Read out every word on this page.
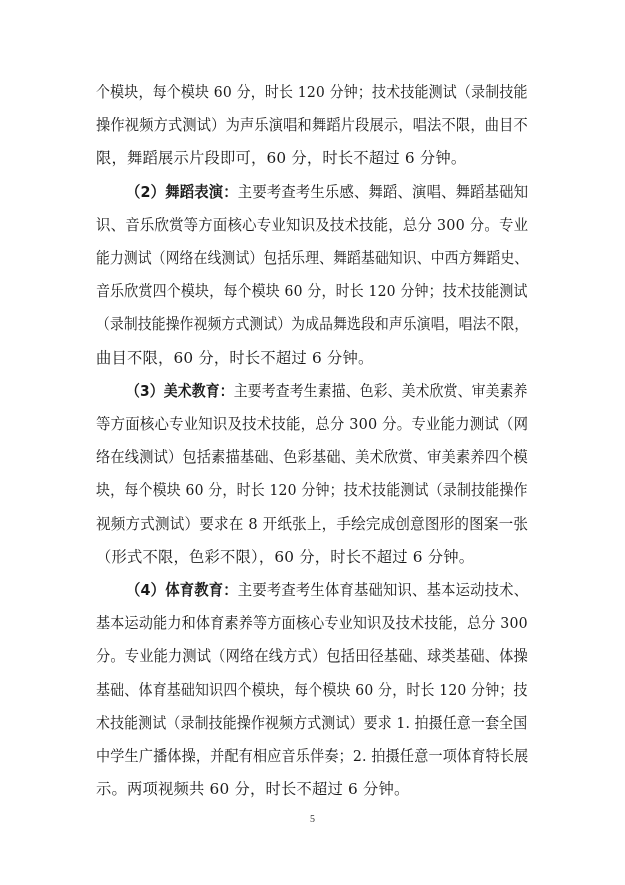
个模块，每个模块 60 分，时长 120 分钟；技术技能测试（录制技能
操作视频方式测试）为声乐演唱和舞蹈片段展示，唱法不限，曲目不
限，舞蹈展示片段即可，60 分，时长不超过 6 分钟。
（2）舞蹈表演：主要考查考生乐感、舞蹈、演唱、舞蹈基础知
识、音乐欣赏等方面核心专业知识及技术技能，总分 300 分。专业
能力测试（网络在线测试）包括乐理、舞蹈基础知识、中西方舞蹈史、
音乐欣赏四个模块，每个模块 60 分，时长 120 分钟；技术技能测试
（录制技能操作视频方式测试）为成品舞选段和声乐演唱，唱法不限，
曲目不限，60 分，时长不超过 6 分钟。
（3）美术教育：主要考查考生素描、色彩、美术欣赏、审美素养
等方面核心专业知识及技术技能，总分 300 分。专业能力测试（网
络在线测试）包括素描基础、色彩基础、美术欣赏、审美素养四个模
块，每个模块 60 分，时长 120 分钟；技术技能测试（录制技能操作
视频方式测试）要求在 8 开纸张上，手绘完成创意图形的图案一张
（形式不限，色彩不限），60 分，时长不超过 6 分钟。
（4）体育教育：主要考查考生体育基础知识、基本运动技术、
基本运动能力和体育素养等方面核心专业知识及技术技能，总分 300
分。专业能力测试（网络在线方式）包括田径基础、球类基础、体操
基础、体育基础知识四个模块，每个模块 60 分，时长 120 分钟；技
术技能测试（录制技能操作视频方式测试）要求 1. 拍摄任意一套全国
中学生广播体操，并配有相应音乐伴奏；2. 拍摄任意一项体育特长展
示。两项视频共 60 分，时长不超过 6 分钟。
5
